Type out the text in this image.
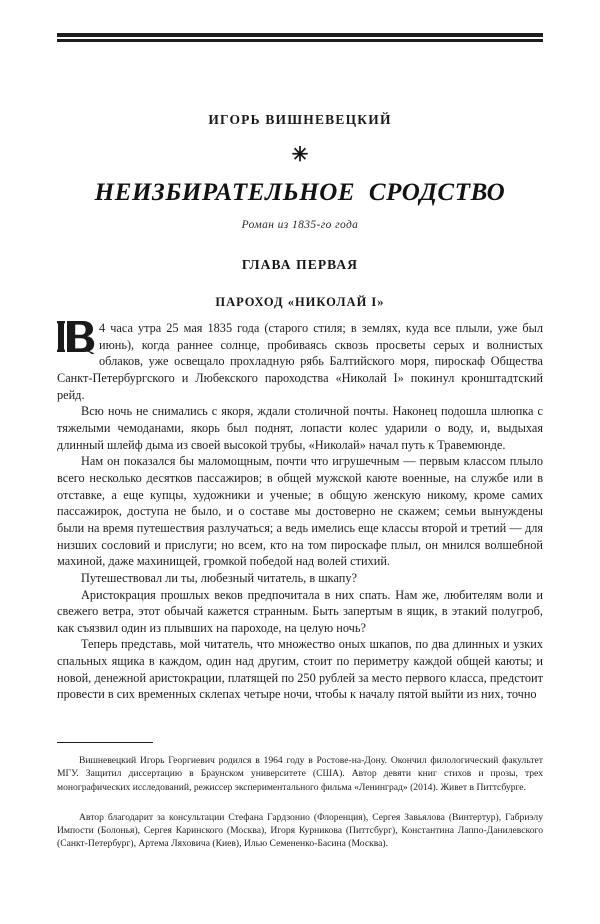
ИГОРЬ ВИШНЕВЕЦКИЙ
✳
НЕИЗБИРАТЕЛЬНОЕ  СРОДСТВО
Роман из 1835-го года
ГЛАВА ПЕРВАЯ
ПАРОХОД «НИКОЛАЙ I»

4 часа утра 25 мая 1835 года (старого стиля; в землях, куда все плыли, уже был июнь), когда раннее солнце, пробиваясь сквозь просветы серых и волнистых облаков, уже освещало прохладную рябь Балтийского моря, пироскаф Общества Санкт-Петербургского и Любекского пароходства «Николай I» покинул кронштадтский рейд.

Всю ночь не снимались с якоря, ждали столичной почты. Наконец подошла шлюпка с тяжелыми чемоданами, якорь был поднят, лопасти колес ударили о воду, и, выдыхая длинный шлейф дыма из своей высокой трубы, «Николай» начал путь к Травемюнде.

Нам он показался бы маломощным, почти что игрушечным — первым классом плыло всего несколько десятков пассажиров; в общей мужской каюте военные, на службе или в отставке, а еще купцы, художники и ученые; в общую женскую никому, кроме самих пассажирок, доступа не было, и о составе мы достоверно не скажем; семьи вынуждены были на время путешествия разлучаться; а ведь имелись еще классы второй и третий — для низших сословий и прислуги; но всем, кто на том пироскафе плыл, он мнился волшебной махиной, даже махинищей, громкой победой над волей стихий.

Путешествовал ли ты, любезный читатель, в шкапу?

Аристокрация прошлых веков предпочитала в них спать. Нам же, любителям воли и свежего ветра, этот обычай кажется странным. Быть запертым в ящик, в этакий полугроб, как съязвил один из плывших на пароходе, на целую ночь?

Теперь представь, мой читатель, что множество оных шкапов, по два длинных и узких спальных ящика в каждом, один над другим, стоит по периметру каждой общей каюты; и новой, денежной аристокрации, платящей по 250 рублей за место первого класса, предстоит провести в сих временных склепах четыре ночи, чтобы к началу пятой выйти из них, точно

Вишневецкий Игорь Георгиевич родился в 1964 году в Ростове-на-Дону. Окончил филологический факультет МГУ. Защитил диссертацию в Браунском университете (США). Автор девяти книг стихов и прозы, трех монографических исследований, режиссер экспериментального фильма «Ленинград» (2014). Живет в Питтсбурге.

Автор благодарит за консультации Стефана Гардзонио (Флоренция), Сергея Завьялова (Винтертур), Габриэлу Импости (Болонья), Сергея Каринского (Москва), Игоря Курникова (Питтсбург), Константина Лаппо-Данилевского (Санкт-Петербург), Артема Ляховича (Киев), Илью Семененко-Басина (Москва).
